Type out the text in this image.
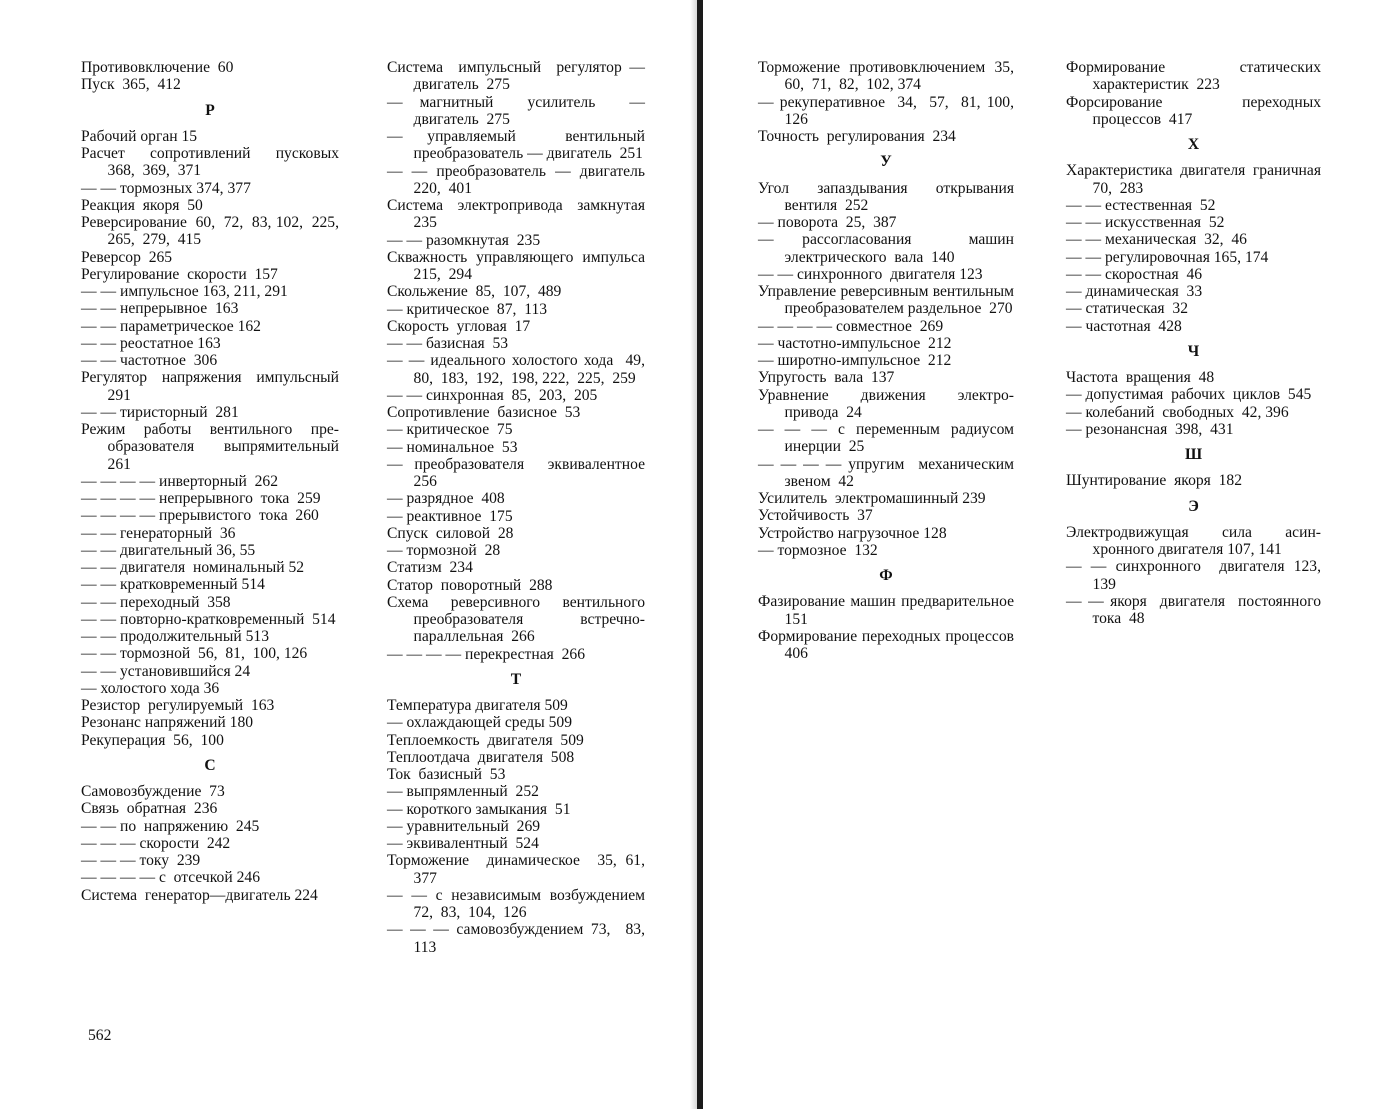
Противовключение  60
Пуск  365,  412
Р
Рабочий орган 15
Расчет  сопротивлений  пусковых  368,  369,  371
— — тормозных 374, 377
Реакция  якоря  50
Реверсирование  60,  72,  83, 102,  225,  265,  279,  415
Реверсор  265
Регулирование  скорости  157
— — импульсное 163, 211, 291
— — непрерывное  163
— — параметрическое 162
— — реостатное 163
— — частотное  306
Регулятор  напряжения  импульсный  291
— — тиристорный  281
Режим работы вентильного преобразователя  выпрямительный  261
— — — — инверторный  262
— — — — непрерывного  тока  259
— — — — прерывистого  тока  260
— — генераторный  36
— — двигательный 36, 55
— — двигателя  номинальный 52
— — кратковременный 514
— — переходный  358
— — повторно-кратковременный  514
— — продолжительный 513
— — тормозной  56,  81,  100, 126
— — установившийся 24
— холостого хода 36
Резистор  регулируемый  163
Резонанс напряжений 180
Рекуперация  56,  100
С
Самовозбуждение  73
Связь  обратная  236
— — по  напряжению  245
— — — скорости  242
— — — току  239
— — — — с  отсечкой 246
Система  генератор—двигатель 224
Система  импульсный  регулятор — двигатель  275
— магнитный  усилитель  — двигатель  275
— управляемый  вентильный преобразователь — двигатель  251
— — преобразователь — двигатель  220,  401
Система электропривода замкнутая  235
— — разомкнутая  235
Скважность управляющего импульса  215,  294
Скольжение  85,  107,  489
— критическое  87,  113
Скорость  угловая  17
— — базисная  53
— — идеального холостого хода  49,  80,  183,  192,  198, 222,  225,  259
— — синхронная  85,  203,  205
Сопротивление  базисное  53
— критическое  75
— номинальное  53
— преобразователя  эквивалентное  256
— разрядное  408
— реактивное  175
Спуск  силовой  28
— тормозной  28
Статизм  234
Статор  поворотный  288
Схема  реверсивного  вентильного  преобразователя встречно-параллельная  266
— — — — перекрестная  266
Т
Температура двигателя 509
— охлаждающей среды 509
Теплоемкость  двигателя  509
Теплоотдача  двигателя  508
Ток  базисный  53
— выпрямленный  252
— короткого замыкания  51
— уравнительный  269
— эквивалентный  524
Торможение  динамическое  35, 61,  377
— — с независимым возбуждением  72,  83,  104,  126
— — — самовозбуждением 73,  83,  113
562
Торможение  противовключением  35,  60,  71,  82,  102, 374
— рекуперативное  34,  57,  81, 100,  126
Точность  регулирования  234
У
Угол  запаздывания  открывания  вентиля  252
— поворота  25,  387
— рассогласования  машин электрического  вала  140
— — синхронного  двигателя 123
Управление реверсивным вентильным  преобразователем раздельное  270
— — — — совместное  269
— частотно-импульсное  212
— широтно-импульсное  212
Упругость  вала  137
Уравнение  движения  электропривода  24
— — — с переменным радиусом  инерции  25
— — — — упругим  механическим  звеном  42
Усилитель  электромашинный 239
Устойчивость  37
Устройство нагрузочное 128
— тормозное  132
Ф
Фазирование машин предварительное  151
Формирование переходных процессов  406
Формирование  статических характеристик  223
Форсирование  переходных процессов  417
Х
Характеристика двигателя граничная  70,  283
— — естественная  52
— — искусственная  52
— — механическая  32,  46
— — регулировочная 165, 174
— — скоростная  46
— динамическая  33
— статическая  32
— частотная  428
Ч
Частота  вращения  48
— допустимая  рабочих  циклов  545
— колебаний  свободных  42, 396
— резонансная  398,  431
Ш
Шунтирование  якоря  182
Э
Электродвижущая  сила  асинхронного двигателя 107, 141
— — синхронного  двигателя 123,  139
— — якоря  двигателя  постоянного  тока  48
